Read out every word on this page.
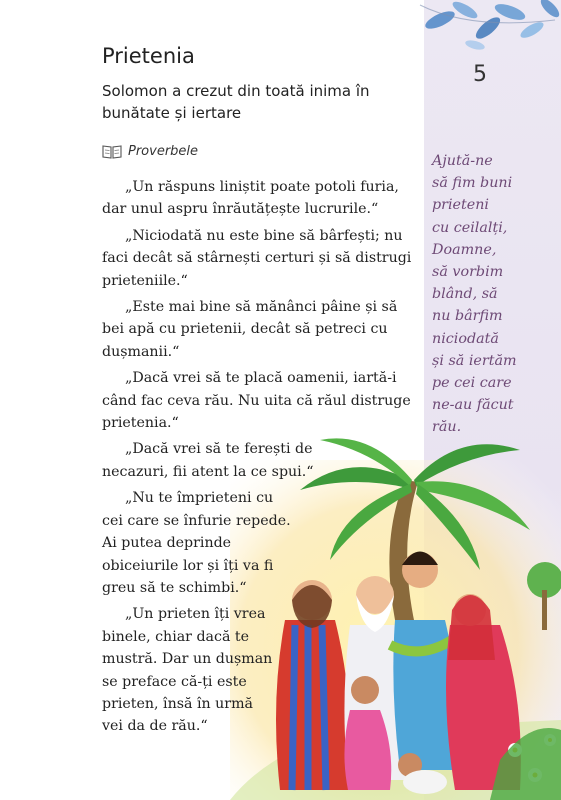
5
Ajută-ne
să fim buni
prieteni
cu ceilalți,
Doamne,
să vorbim
blând, să
nu bârfim
niciodată
și să iertăm
pe cei care
ne-au făcut
rău.
Prietenia
Solomon a crezut din toată inima în
bunătate și iertare
Proverbele

„Un răspuns liniștit poate potoli furia,
dar unul aspru înrăutățește lucrurile.“

„Niciodată nu este bine să bârfești; nu
faci decât să stârnești certuri și să distrugi
prieteniile.“

„Este mai bine să mănânci pâine și să
bei apă cu prietenii, decât să petreci cu
dușmanii.“

„Dacă vrei să te placă oamenii, iartă-i
când fac ceva rău. Nu uita că răul distruge
prietenia.“

„Dacă vrei să te ferești de
necazuri, fii atent la ce spui.“

„Nu te împrieteni cu
cei care se înfurie repede.
Ai putea deprinde
obiceiurile lor și îți va fi
greu să te schimbi.“

„Un prieten îți vrea
binele, chiar dacă te
mustră. Dar un dușman
se preface că-ți este
prieten, însă în urmă
vei da de rău.“
